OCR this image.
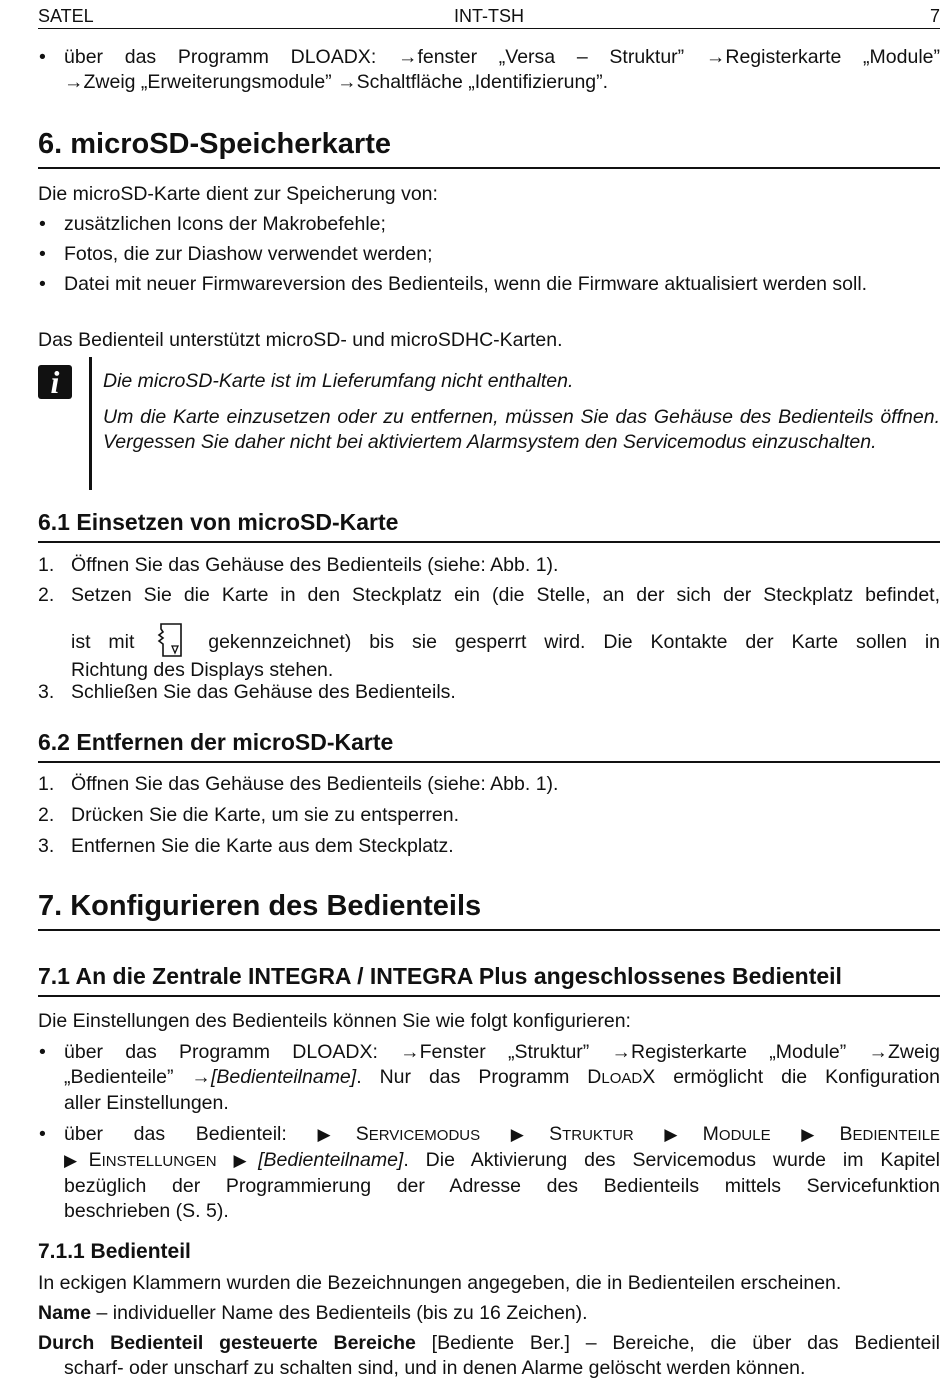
SATEL	INT-TSH	7
• über das Programm DLOADX: →fenster „Versa – Struktur” →Registerkarte „Module”
→Zweig „Erweiterungsmodule” →Schaltfläche „Identifizierung”.
6. microSD-Speicherkarte
Die microSD-Karte dient zur Speicherung von:
• zusätzlichen Icons der Makrobefehle;
• Fotos, die zur Diashow verwendet werden;
• Datei mit neuer Firmwareversion des Bedienteils, wenn die Firmware aktualisiert werden soll.
Das Bedienteil unterstützt microSD- und microSDHC-Karten.
i	Die microSD-Karte ist im Lieferumfang nicht enthalten.
Um die Karte einzusetzen oder zu entfernen, müssen Sie das Gehäuse des Bedienteils öffnen. Vergessen Sie daher nicht bei aktiviertem Alarmsystem den Servicemodus einzuschalten.
6.1 Einsetzen von microSD-Karte
1. Öffnen Sie das Gehäuse des Bedienteils (siehe: Abb. 1).
2. Setzen Sie die Karte in den Steckplatz ein (die Stelle, an der sich der Steckplatz befindet,
ist mit	gekennzeichnet) bis sie gesperrt wird. Die Kontakte der Karte sollen in
Richtung des Displays stehen.
3. Schließen Sie das Gehäuse des Bedienteils.
6.2 Entfernen der microSD-Karte
1. Öffnen Sie das Gehäuse des Bedienteils (siehe: Abb. 1).
2. Drücken Sie die Karte, um sie zu entsperren.
3. Entfernen Sie die Karte aus dem Steckplatz.
7. Konfigurieren des Bedienteils
7.1 An die Zentrale INTEGRA / INTEGRA Plus angeschlossenes Bedienteil
Die Einstellungen des Bedienteils können Sie wie folgt konfigurieren:
• über das Programm DLOADX: →Fenster „Struktur” →Registerkarte „Module” →Zweig
„Bedienteile” →[Bedienteilname]. Nur das Programm DLOADX ermöglicht die Konfiguration
aller Einstellungen.
• über das Bedienteil: ▶SERVICEMODUS ▶STRUKTUR ▶MODULE ▶BEDIENTEILE
▶EINSTELLUNGEN ▶[Bedienteilname]. Die Aktivierung des Servicemodus wurde im Kapitel
bezüglich der Programmierung der Adresse des Bedienteils mittels Servicefunktion
beschrieben (S. 5).
7.1.1 Bedienteil
In eckigen Klammern wurden die Bezeichnungen angegeben, die in Bedienteilen erscheinen.
Name – individueller Name des Bedienteils (bis zu 16 Zeichen).
Durch Bedienteil gesteuerte Bereiche [Bediente Ber.] – Bereiche, die über das Bedienteil
scharf- oder unscharf zu schalten sind, und in denen Alarme gelöscht werden können.
